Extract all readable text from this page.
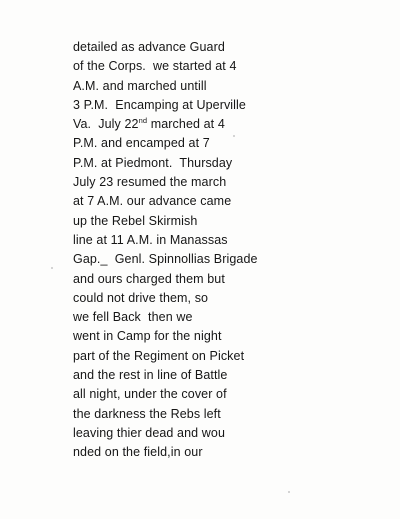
detailed as advance Guard
of the Corps.  we started at 4
A.M. and marched untill
3 P.M.  Encamping at Uperville
Va.  July 22nd marched at 4
P.M. and encamped at 7
P.M. at Piedmont.  Thursday
July 23 resumed the march
at 7 A.M. our advance came
up the Rebel Skirmish
line at 11 A.M. in Manassas
Gap._  Genl. Spinnollias Brigade
and ours charged them but
could not drive them, so
we fell Back  then we
went in Camp for the night
part of the Regiment on Picket
and the rest in line of Battle
all night, under the cover of
the darkness the Rebs left
leaving thier dead and wou
nded on the field,in our
